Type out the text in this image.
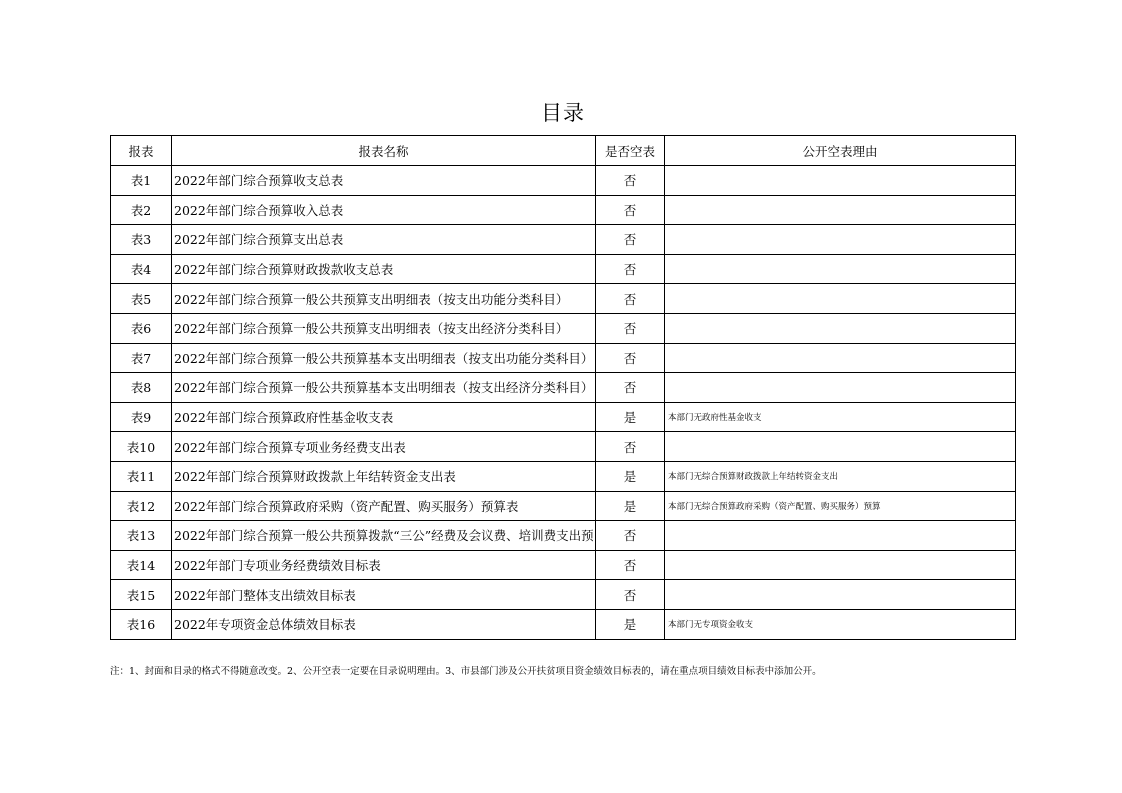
目录
报表	报表名称	是否空表	公开空表理由
表1	2022年部门综合预算收支总表	否	
表2	2022年部门综合预算收入总表	否	
表3	2022年部门综合预算支出总表	否	
表4	2022年部门综合预算财政拨款收支总表	否	
表5	2022年部门综合预算一般公共预算支出明细表（按支出功能分类科目）	否	
表6	2022年部门综合预算一般公共预算支出明细表（按支出经济分类科目）	否	
表7	2022年部门综合预算一般公共预算基本支出明细表（按支出功能分类科目）	否	
表8	2022年部门综合预算一般公共预算基本支出明细表（按支出经济分类科目）	否	
表9	2022年部门综合预算政府性基金收支表	是	本部门无政府性基金收支
表10	2022年部门综合预算专项业务经费支出表	否	
表11	2022年部门综合预算财政拨款上年结转资金支出表	是	本部门无综合预算财政拨款上年结转资金支出
表12	2022年部门综合预算政府采购（资产配置、购买服务）预算表	是	本部门无综合预算政府采购（资产配置、购买服务）预算
表13	2022年部门综合预算一般公共预算拨款“三公”经费及会议费、培训费支出预	否	
表14	2022年部门专项业务经费绩效目标表	否	
表15	2022年部门整体支出绩效目标表	否	
表16	2022年专项资金总体绩效目标表	是	本部门无专项资金收支
注：1、封面和目录的格式不得随意改变。2、公开空表一定要在目录说明理由。3、市县部门涉及公开扶贫项目资金绩效目标表的，请在重点项目绩效目标表中添加公开。
